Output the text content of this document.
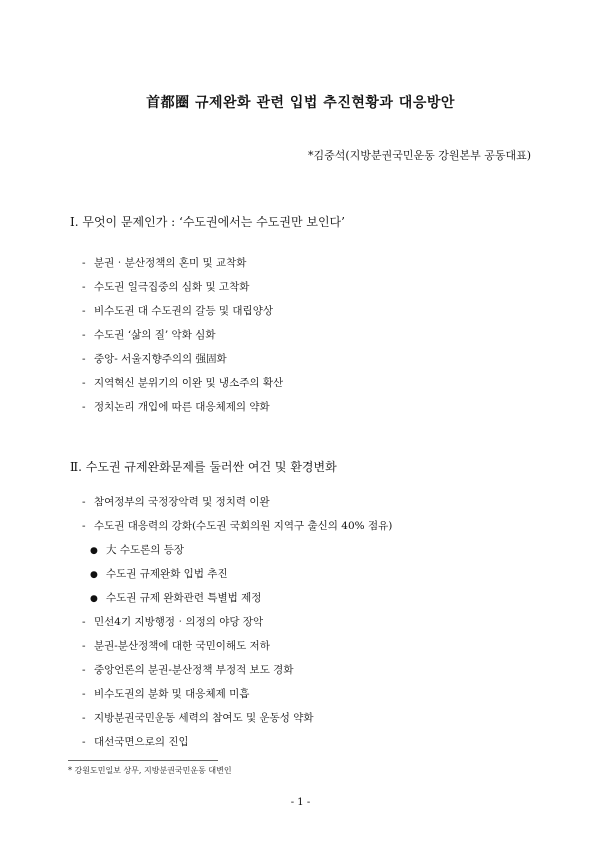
首都圈 규제완화 관련 입법 추진현황과 대응방안
*김중석(지방분권국민운동 강원본부 공동대표)
Ⅰ. 무엇이 문제인가 : ‘수도권에서는 수도권만 보인다’
- 분권‧분산정책의 혼미 및 교착화
- 수도권 일극집중의 심화 및 고착화
- 비수도권 대 수도권의 갈등 및 대립양상
- 수도권 ‘삶의 질’ 악화 심화
- 중앙- 서울지향주의의 强固화
- 지역혁신 분위기의 이완 및 냉소주의 확산
- 정치논리 개입에 따른 대응체제의 약화
Ⅱ. 수도권 규제완화문제를 둘러싼 여건 및 환경변화
- 참여정부의 국정장악력 및 정치력 이완
- 수도권 대응력의 강화(수도권 국회의원 지역구 출신의 40% 점유)
● 大 수도론의 등장
● 수도권 규제완화 입법 추진
● 수도권 규제 완화관련 특별법 제정
- 민선4기 지방행정‧의정의 야당 장악
- 분권-분산정책에 대한 국민이해도 저하
- 중앙언론의 분권-분산정책 부정적 보도 경화
- 비수도권의 분화 및 대응체제 미흡
- 지방분권국민운동 세력의 참여도 및 운동성 약화
- 대선국면으로의 진입
* 강원도민일보 상무, 지방분권국민운동 대변인
- 1 -
